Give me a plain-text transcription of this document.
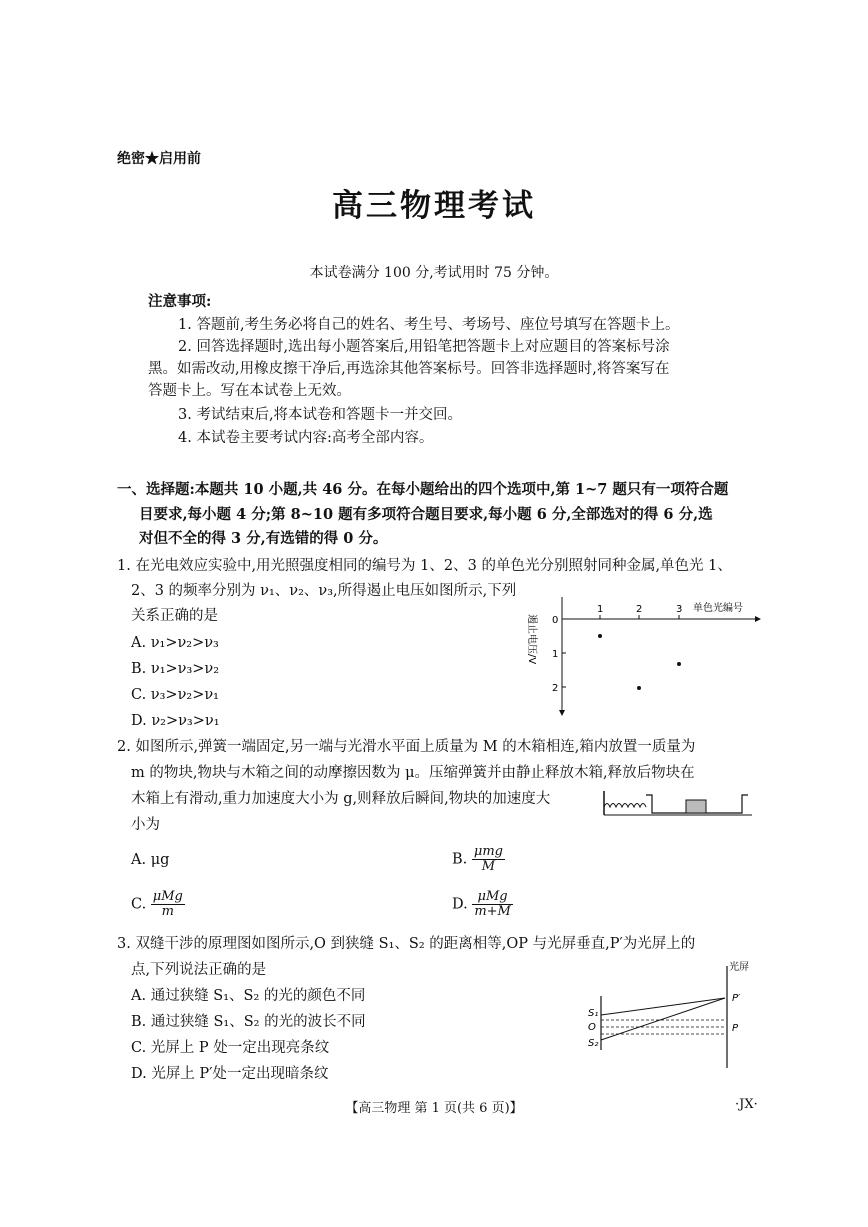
绝密★启用前
高三物理考试
本试卷满分 100 分,考试用时 75 分钟。
注意事项:
1. 答题前,考生务必将自己的姓名、考生号、考场号、座位号填写在答题卡上。
2. 回答选择题时,选出每小题答案后,用铅笔把答题卡上对应题目的答案标号涂
黑。如需改动,用橡皮擦干净后,再选涂其他答案标号。回答非选择题时,将答案写在
答题卡上。写在本试卷上无效。
3. 考试结束后,将本试卷和答题卡一并交回。
4. 本试卷主要考试内容:高考全部内容。
一、选择题:本题共 10 小题,共 46 分。在每小题给出的四个选项中,第 1~7 题只有一项符合题
目要求,每小题 4 分;第 8~10 题有多项符合题目要求,每小题 6 分,全部选对的得 6 分,选
对但不全的得 3 分,有选错的得 0 分。
1. 在光电效应实验中,用光照强度相同的编号为 1、2、3 的单色光分别照射同种金属,单色光 1、
2、3 的频率分别为 ν₁、ν₂、ν₃,所得遏止电压如图所示,下列
关系正确的是
A. ν₁>ν₂>ν₃
B. ν₁>ν₃>ν₂
C. ν₃>ν₂>ν₁
D. ν₂>ν₃>ν₁
1	2	3 单色光编号
0
1
2
遏止电压/V
2. 如图所示,弹簧一端固定,另一端与光滑水平面上质量为 M 的木箱相连,箱内放置一质量为
m 的物块,物块与木箱之间的动摩擦因数为 μ。压缩弹簧并由静止释放木箱,释放后物块在
木箱上有滑动,重力加速度大小为 g,则释放后瞬间,物块的加速度大
小为
A. μg	B. $\frac{\text{μmg}}{M}$
C. $\frac{\text{μMg}}{m}$	D. $\frac{\text{μMg}}{m+M}$
3. 双缝干涉的原理图如图所示,O 到狭缝 S₁、S₂ 的距离相等,OP 与光屏垂直,P′为光屏上的
点,下列说法正确的是
A. 通过狭缝 S₁、S₂ 的光的颜色不同
B. 通过狭缝 S₁、S₂ 的光的波长不同
C. 光屏上 P 处一定出现亮条纹
D. 光屏上 P′处一定出现暗条纹
光屏
S₁
O
S₂
P′
P
【高三物理 第 1 页(共 6 页)】	·JX·
